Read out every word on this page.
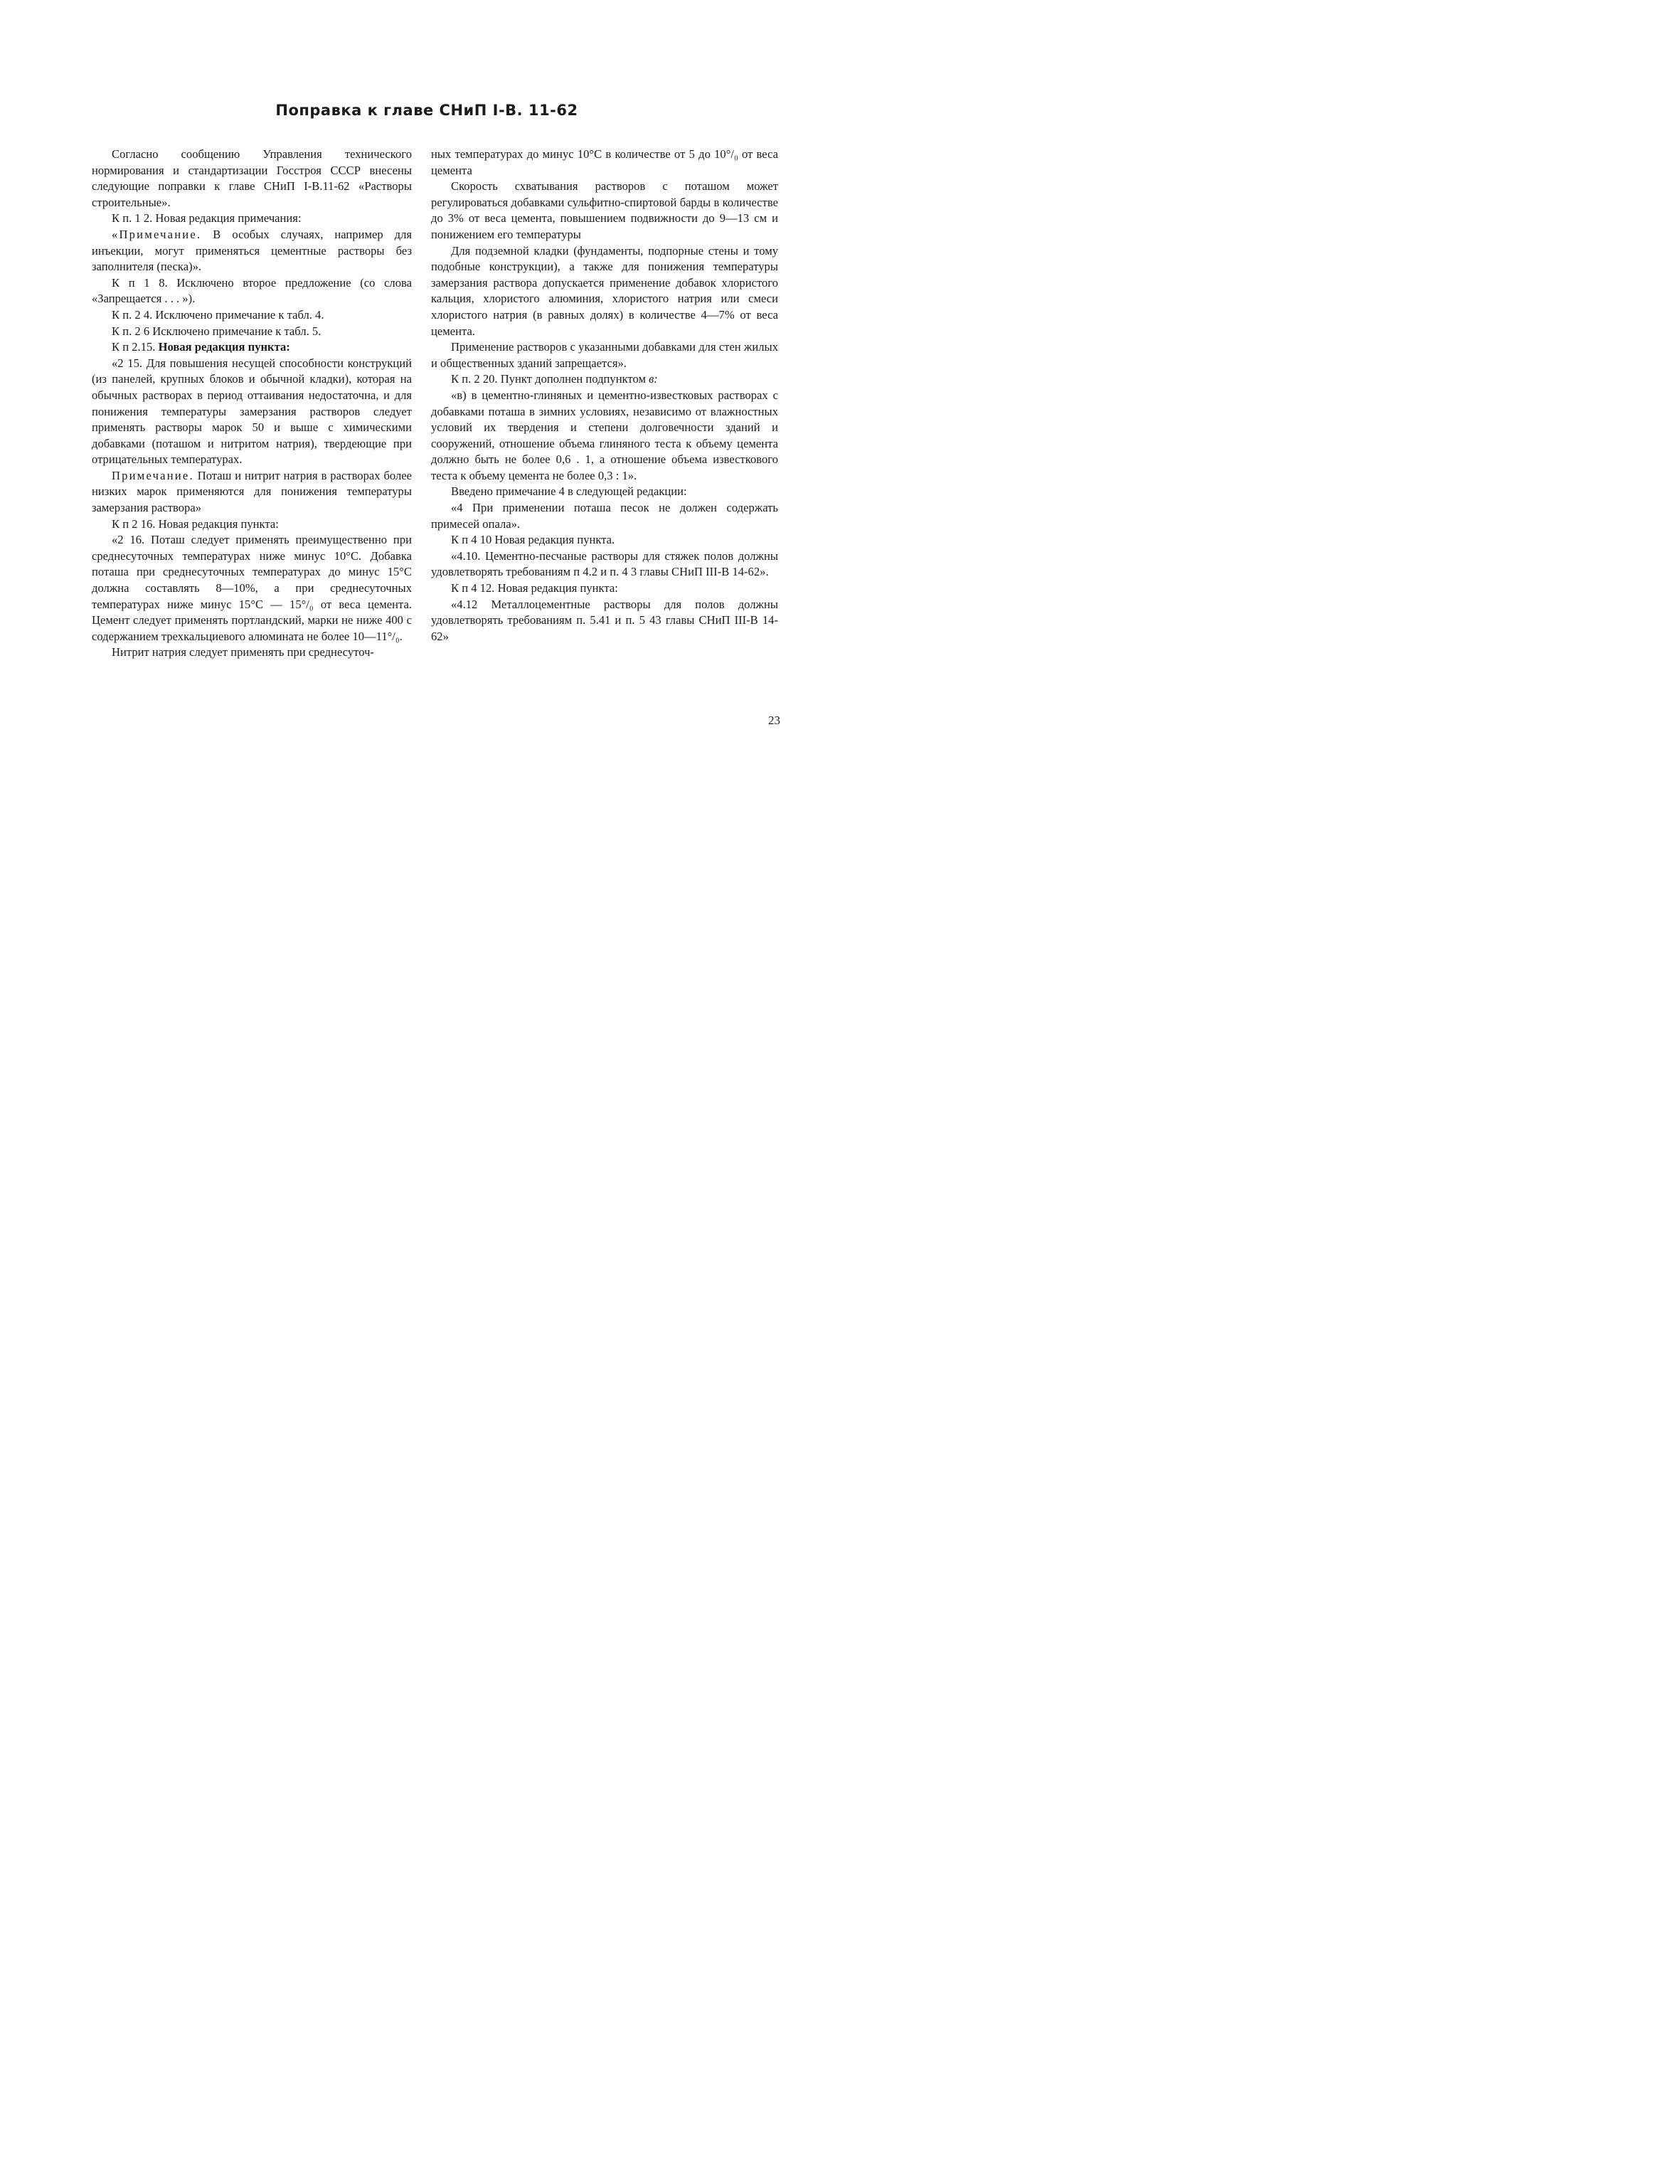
Поправка к главе СНиП I-В. 11-62

Согласно сообщению Управления технического нормирования и стандартизации Госстроя СССР внесены следующие поправки к главе СНиП I-В.11-62 «Растворы строительные».

К п. 1 2. Новая редакция примечания:

«Примечание. В особых случаях, например для инъекции, могут применяться цементные растворы без заполнителя (песка)».

К п 1 8. Исключено второе предложение (со слова «Запрещается . . . »).

К п. 2 4. Исключено примечание к табл. 4.

К п. 2 6 Исключено примечание к табл. 5.

К п 2.15. Новая редакция пункта:

«2 15. Для повышения несущей способности конструкций (из панелей, крупных блоков и обычной кладки), которая на обычных растворах в период оттаивания недостаточна, и для понижения температуры замерзания растворов следует применять растворы марок 50 и выше с химическими добавками (поташом и нитритом натрия), твердеющие при отрицательных температурах.

Примечание. Поташ и нитрит натрия в растворах более низких марок применяются для понижения температуры замерзания раствора»

К п 2 16. Новая редакция пункта:

«2 16. Поташ следует применять преимущественно при среднесуточных температурах ниже минус 10°С. Добавка поташа при среднесуточных температурах до минус 15°С должна составлять 8—10%, а при среднесуточных температурах ниже минус 15°С — 15°/₀ от веса цемента. Цемент следует применять портландский, марки не ниже 400 с содержанием трехкальциевого алюмината не более 10—11°/₀.

Нитрит натрия следует применять при среднесуточ-

ных температурах до минус 10°С в количестве от 5 до 10°/₀ от веса цемента

Скорость схватывания растворов с поташом может регулироваться добавками сульфитно-спиртовой барды в количестве до 3% от веса цемента, повышением подвижности до 9—13 см и понижением его температуры

Для подземной кладки (фундаменты, подпорные стены и тому подобные конструкции), а также для понижения температуры замерзания раствора допускается применение добавок хлористого кальция, хлористого алюминия, хлористого натрия или смеси хлористого натрия (в равных долях) в количестве 4—7% от веса цемента.

Применение растворов с указанными добавками для стен жилых и общественных зданий запрещается».

К п. 2 20. Пункт дополнен подпунктом в:

«в) в цементно-глиняных и цементно-известковых растворах с добавками поташа в зимних условиях, независимо от влажностных условий их твердения и степени долговечности зданий и сооружений, отношение объема глиняного теста к объему цемента должно быть не более 0,6 . 1, а отношение объема известкового теста к объему цемента не более 0,3 : 1».

Введено примечание 4 в следующей редакции:

«4 При применении поташа песок не должен содержать примесей опала».

К п 4 10 Новая редакция пункта.

«4.10. Цементно-песчаные растворы для стяжек полов должны удовлетворять требованиям п 4.2 и п. 4 3 главы СНиП III-В 14-62».

К п 4 12. Новая редакция пункта:

«4.12 Металлоцементные растворы для полов должны удовлетворять требованиям п. 5.41 и п. 5 43 главы СНиП III-В 14-62»

23
